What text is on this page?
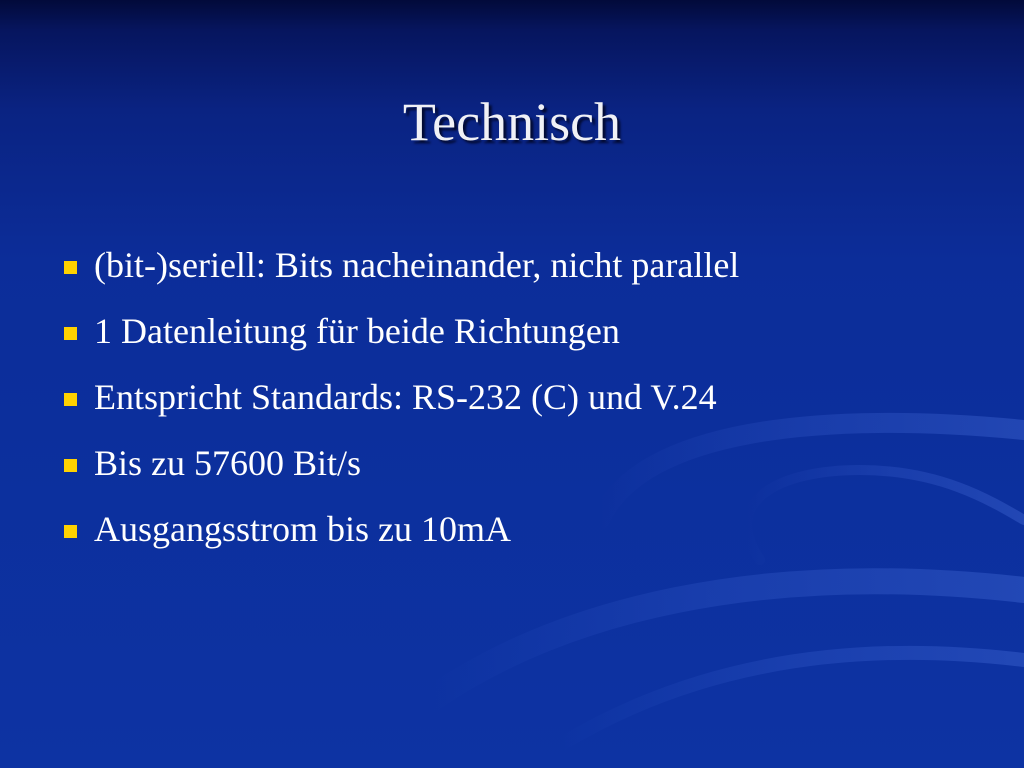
Technisch
(bit-)seriell: Bits nacheinander, nicht parallel
1 Datenleitung für beide Richtungen
Entspricht Standards: RS-232 (C) und V.24
Bis zu 57600 Bit/s
Ausgangsstrom bis zu 10mA
